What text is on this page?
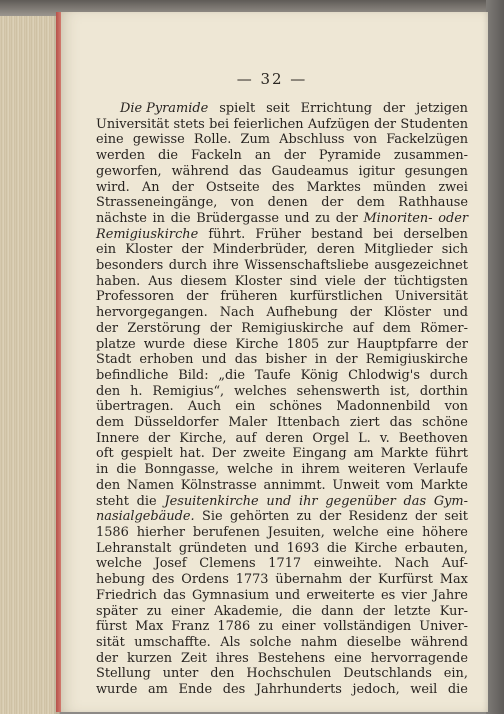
— 32 —
Die Pyramide spielt seit Errichtung der jetzigen
Universität stets bei feierlichen Aufzügen der Studenten
eine gewisse Rolle. Zum Abschluss von Fackelzügen
werden die Fackeln an der Pyramide zusammen-
geworfen, während das Gaudeamus igitur gesungen
wird. An der Ostseite des Marktes münden zwei
Strasseneingänge, von denen der dem Rathhause
nächste in die Brüdergasse und zu der Minoriten- oder
Remigiuskirche führt. Früher bestand bei derselben
ein Kloster der Minderbrüder, deren Mitglieder sich
besonders durch ihre Wissenschaftsliebe ausgezeichnet
haben. Aus diesem Kloster sind viele der tüchtigsten
Professoren der früheren kurfürstlichen Universität
hervorgegangen. Nach Aufhebung der Klöster und
der Zerstörung der Remigiuskirche auf dem Römer-
platze wurde diese Kirche 1805 zur Hauptpfarre der
Stadt erhoben und das bisher in der Remigiuskirche
befindliche Bild: „die Taufe König Chlodwig's durch
den h. Remigius“, welches sehenswerth ist, dorthin
übertragen. Auch ein schönes Madonnenbild von
dem Düsseldorfer Maler Ittenbach ziert das schöne
Innere der Kirche, auf deren Orgel L. v. Beethoven
oft gespielt hat. Der zweite Eingang am Markte führt
in die Bonngasse, welche in ihrem weiteren Verlaufe
den Namen Kölnstrasse annimmt. Unweit vom Markte
steht die Jesuitenkirche und ihr gegenüber das Gym-
nasialgebäude. Sie gehörten zu der Residenz der seit
1586 hierher berufenen Jesuiten, welche eine höhere
Lehranstalt gründeten und 1693 die Kirche erbauten,
welche Josef Clemens 1717 einweihte. Nach Auf-
hebung des Ordens 1773 übernahm der Kurfürst Max
Friedrich das Gymnasium und erweiterte es vier Jahre
später zu einer Akademie, die dann der letzte Kur-
fürst Max Franz 1786 zu einer vollständigen Univer-
sität umschaffte. Als solche nahm dieselbe während
der kurzen Zeit ihres Bestehens eine hervorragende
Stellung unter den Hochschulen Deutschlands ein,
wurde am Ende des Jahrhunderts jedoch, weil die
